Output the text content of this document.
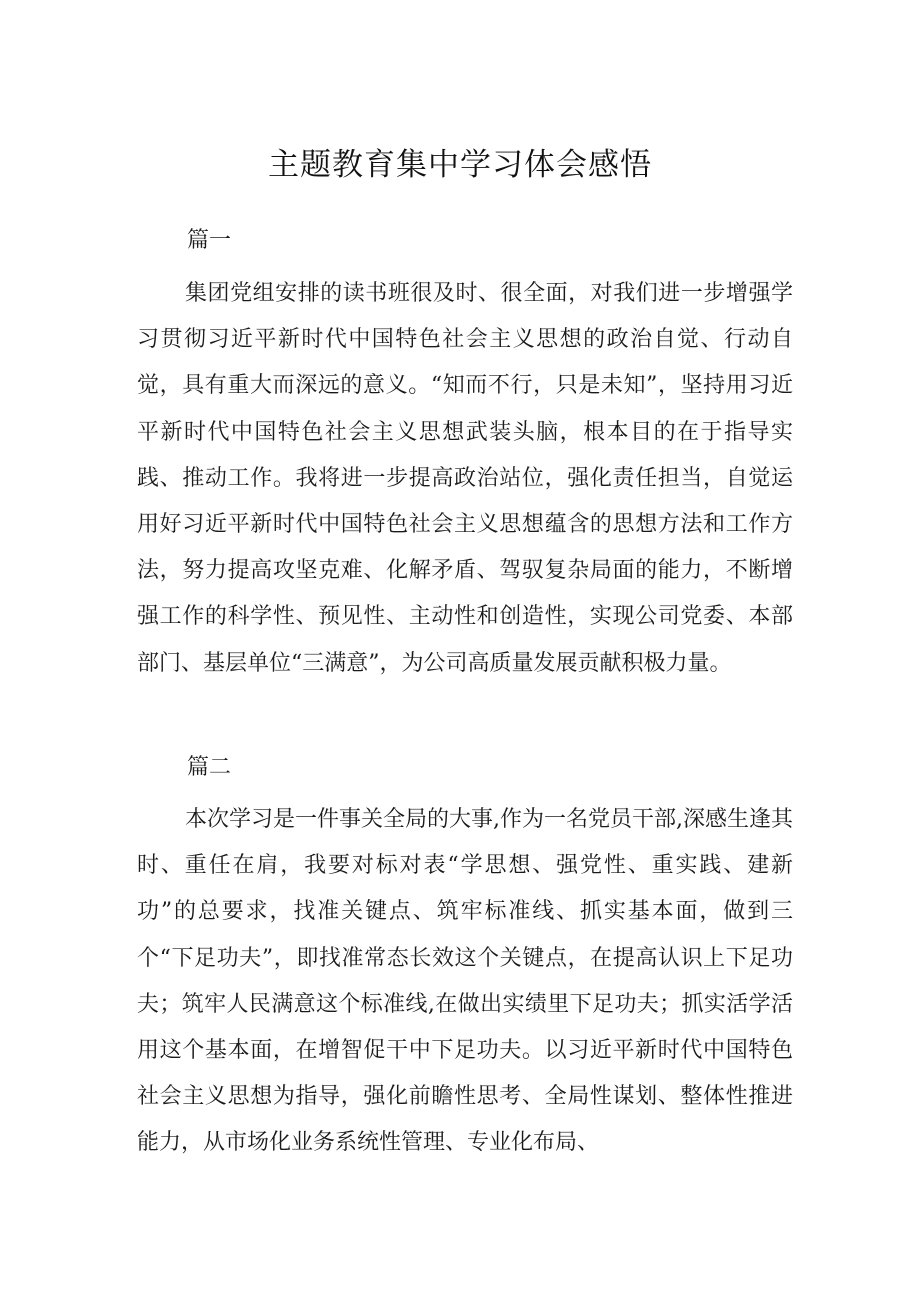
主题教育集中学习体会感悟
篇一

集团党组安排的读书班很及时、很全面，对我们进一步增强学习贯彻习近平新时代中国特色社会主义思想的政治自觉、行动自觉，具有重大而深远的意义。“知而不行，只是未知”，坚持用习近平新时代中国特色社会主义思想武装头脑，根本目的在于指导实践、推动工作。我将进一步提高政治站位，强化责任担当，自觉运用好习近平新时代中国特色社会主义思想蕴含的思想方法和工作方法，努力提高攻坚克难、化解矛盾、驾驭复杂局面的能力，不断增强工作的科学性、预见性、主动性和创造性，实现公司党委、本部部门、基层单位“三满意”，为公司高质量发展贡献积极力量。

篇二

本次学习是一件事关全局的大事,作为一名党员干部,深感生逢其时、重任在肩，我要对标对表“学思想、强党性、重实践、建新功”的总要求，找准关键点、筑牢标准线、抓实基本面，做到三个“下足功夫”，即找准常态长效这个关键点，在提高认识上下足功夫；筑牢人民满意这个标准线,在做出实绩里下足功夫；抓实活学活用这个基本面，在增智促干中下足功夫。以习近平新时代中国特色社会主义思想为指导，强化前瞻性思考、全局性谋划、整体性推进能力，从市场化业务系统性管理、专业化布局、
